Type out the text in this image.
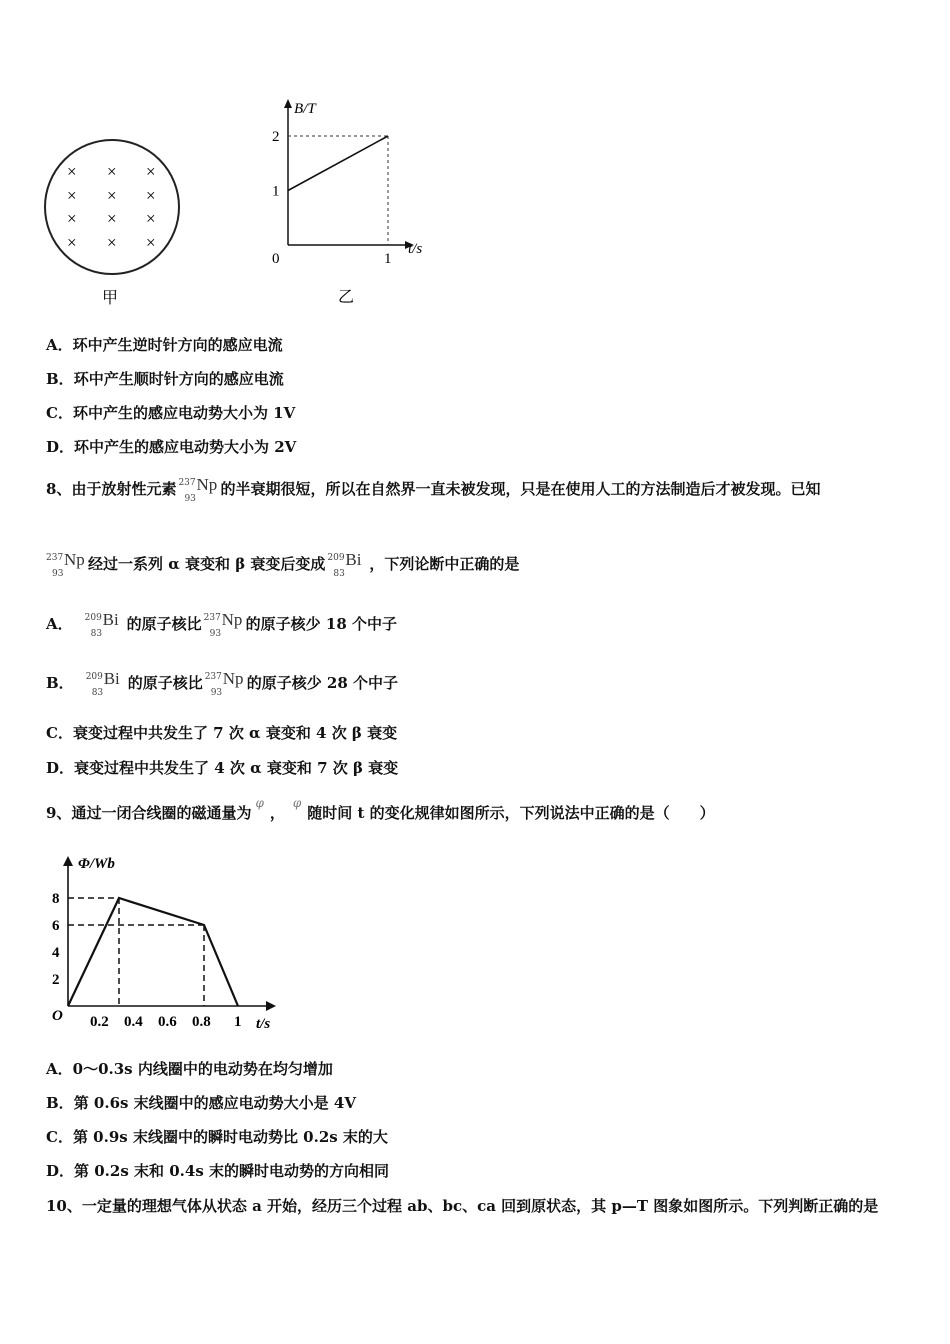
× × ×
× × ×
× × ×
× × ×
甲
B/T
t/s
0
1
2
1
乙
A．环中产生逆时针方向的感应电流
B．环中产生顺时针方向的感应电流
C．环中产生的感应电动势大小为 1V
D．环中产生的感应电动势大小为 2V
8、由于放射性元素 237
93
Np 的半衰期很短，所以在自然界一直未被发现，只是在使用人工的方法制造后才被发现。已知
237
93
Np 经过一系列 α 衰变和 β 衰变后变成 209
83
Bi ，下列论断中正确的是
A． 209
83
Bi 的原子核比 237
93
Np 的原子核少 18 个中子
B． 209
83
Bi 的原子核比 237
93
Np 的原子核少 28 个中子
C．衰变过程中共发生了 7 次 α 衰变和 4 次 β 衰变
D．衰变过程中共发生了 4 次 α 衰变和 7 次 β 衰变
9、通过一闭合线圈的磁通量为φ，φ随时间 t 的变化规律如图所示，下列说法中正确的是（　　）
Φ/Wb
t/s
O
2
4
6
8
0.2 0.4 0.6 0.8 1
A．0～0.3s 内线圈中的电动势在均匀增加
B．第 0.6s 末线圈中的感应电动势大小是 4V
C．第 0.9s 末线圈中的瞬时电动势比 0.2s 末的大
D．第 0.2s 末和 0.4s 末的瞬时电动势的方向相同
10、一定量的理想气体从状态 a 开始，经历三个过程 ab、bc、ca 回到原状态，其 p—T 图象如图所示。下列判断正确的是
